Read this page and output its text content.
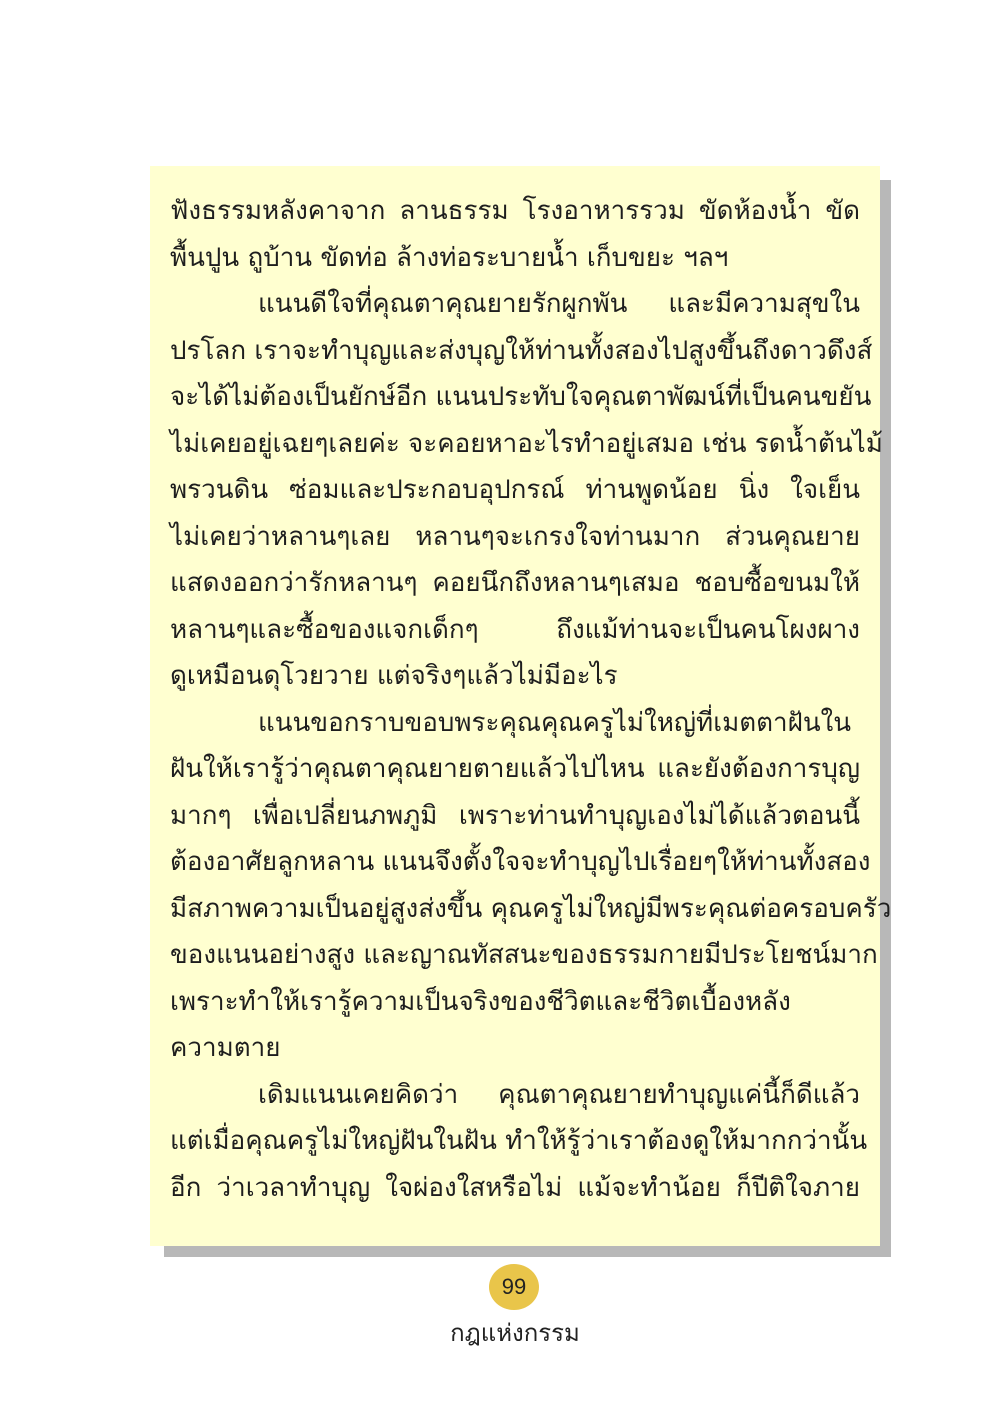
ฟังธรรมหลังคาจาก ลานธรรม โรงอาหารรวม ขัดห้องน้ำ ขัด
พื้นปูน ถูบ้าน ขัดท่อ ล้างท่อระบายน้ำ เก็บขยะ ฯลฯ
แนนดีใจที่คุณตาคุณยายรักผูกพัน และมีความสุขใน
ปรโลก เราจะทำบุญและส่งบุญให้ท่านทั้งสองไปสูงขึ้นถึงดาวดึงส์
จะได้ไม่ต้องเป็นยักษ์อีก แนนประทับใจคุณตาพัฒน์ที่เป็นคนขยัน
ไม่เคยอยู่เฉยๆเลยค่ะ จะคอยหาอะไรทำอยู่เสมอ เช่น รดน้ำต้นไม้
พรวนดิน ซ่อมและประกอบอุปกรณ์ ท่านพูดน้อย นิ่ง ใจเย็น
ไม่เคยว่าหลานๆเลย หลานๆจะเกรงใจท่านมาก ส่วนคุณยาย
แสดงออกว่ารักหลานๆ คอยนึกถึงหลานๆเสมอ ชอบซื้อขนมให้
หลานๆและซื้อของแจกเด็กๆ ถึงแม้ท่านจะเป็นคนโผงผาง
ดูเหมือนดุโวยวาย แต่จริงๆแล้วไม่มีอะไร
แนนขอกราบขอบพระคุณคุณครูไม่ใหญ่ที่เมตตาฝันใน
ฝันให้เรารู้ว่าคุณตาคุณยายตายแล้วไปไหน และยังต้องการบุญ
มากๆ เพื่อเปลี่ยนภพภูมิ เพราะท่านทำบุญเองไม่ได้แล้วตอนนี้
ต้องอาศัยลูกหลาน แนนจึงตั้งใจจะทำบุญไปเรื่อยๆให้ท่านทั้งสอง
มีสภาพความเป็นอยู่สูงส่งขึ้น คุณครูไม่ใหญ่มีพระคุณต่อครอบครัว
ของแนนอย่างสูง และญาณทัสสนะของธรรมกายมีประโยชน์มาก
เพราะทำให้เรารู้ความเป็นจริงของชีวิตและชีวิตเบื้องหลัง
ความตาย
เดิมแนนเคยคิดว่า คุณตาคุณยายทำบุญแค่นี้ก็ดีแล้ว
แต่เมื่อคุณครูไม่ใหญ่ฝันในฝัน ทำให้รู้ว่าเราต้องดูให้มากกว่านั้น
อีก ว่าเวลาทำบุญ ใจผ่องใสหรือไม่ แม้จะทำน้อย ก็ปีติใจภาย
99
กฎแห่งกรรม
